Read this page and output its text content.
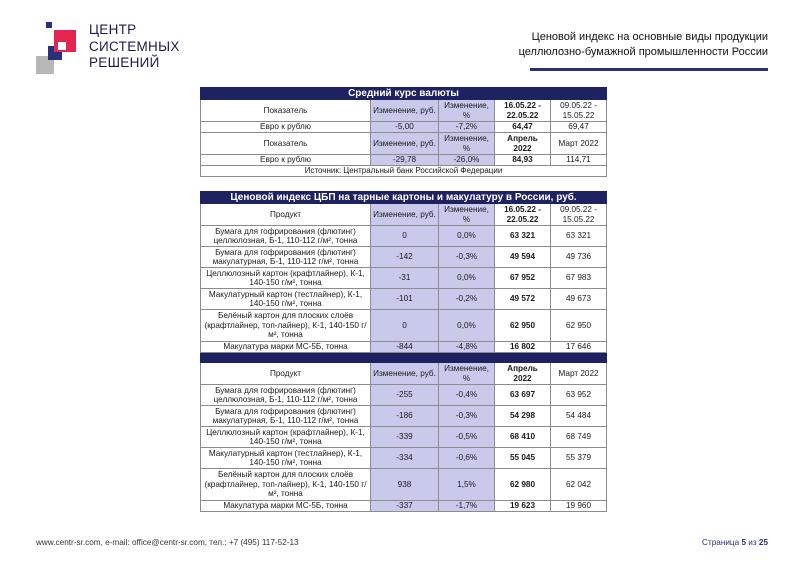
ЦЕНТР
СИСТЕМНЫХ
РЕШЕНИЙ
Ценовой индекс на основные виды продукции
целлюлозно-бумажной промышленности России
Средний курс валюты				
Показатель	Изменение, руб.	Изменение, %	16.05.22 - 22.05.22	09.05.22 - 15.05.22
Евро к рублю	-5,00	-7,2%	64,47	69,47
Показатель	Изменение, руб.	Изменение, %	Апрель 2022	Март 2022
Евро к рублю	-29,78	-26,0%	84,93	114,71
Источник: Центральный банк Российской Федерации				
Ценовой индекс ЦБП на тарные картоны и макулатуру в России, руб.				
Продукт	Изменение, руб.	Изменение, %	16.05.22 - 22.05.22	09.05.22 - 15.05.22
Бумага для гофрирования (флютинг) целлюлозная, Б-1, 110-112 г/м², тонна	0	0,0%	63 321	63 321
Бумага для гофрирования (флютинг) макулатурная, Б-1, 110-112 г/м², тонна	-142	-0,3%	49 594	49 736
Целлюлозный картон (крафтлайнер), К-1, 140-150 г/м², тонна	-31	0,0%	67 952	67 983
Макулатурный картон (тестлайнер), К-1, 140-150 г/м², тонна	-101	-0,2%	49 572	49 673
Белёный картон для плоских слоёв (крафтлайнер, топ-лайнер), К-1, 140-150 г/м², тонна	0	0,0%	62 950	62 950
Макулатура марки МС-5Б, тонна	-844	-4,8%	16 802	17 646

Продукт	Изменение, руб.	Изменение, %	Апрель 2022	Март 2022
Бумага для гофрирования (флютинг) целлюлозная, Б-1, 110-112 г/м², тонна	-255	-0,4%	63 697	63 952
Бумага для гофрирования (флютинг) макулатурная, Б-1, 110-112 г/м², тонна	-186	-0,3%	54 298	54 484
Целлюлозный картон (крафтлайнер), К-1, 140-150 г/м², тонна	-339	-0,5%	68 410	68 749
Макулатурный картон (тестлайнер), К-1, 140-150 г/м², тонна	-334	-0,6%	55 045	55 379
Белёный картон для плоских слоёв (крафтлайнер, топ-лайнер), К-1, 140-150 г/м², тонна	938	1,5%	62 980	62 042
Макулатура марки МС-5Б, тонна	-337	-1,7%	19 623	19 960
www.centr-sr.com, e-mail: office@centr-sr.com, тел.: +7 (495) 117-52-13	Страница 5 из 25
